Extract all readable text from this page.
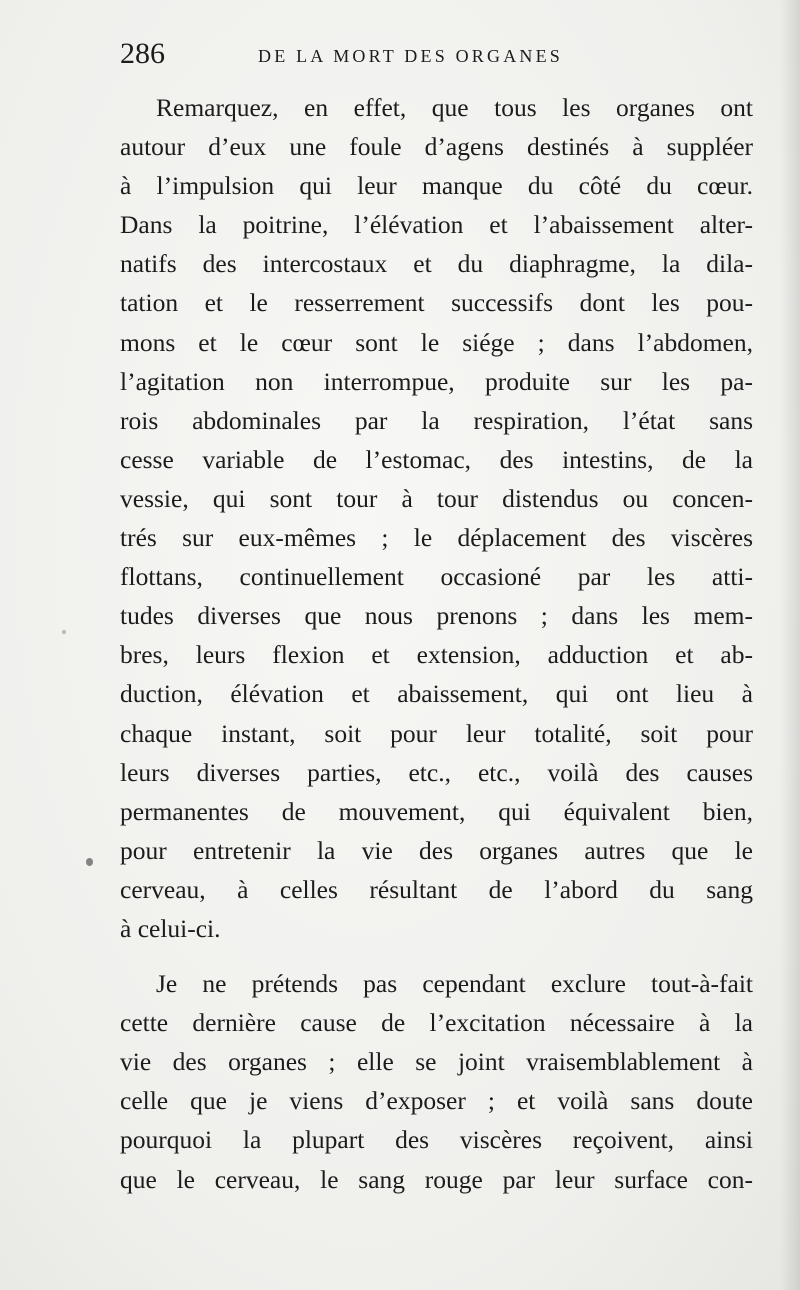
286	DE LA MORT DES ORGANES
Remarquez, en effet, que tous les organes ont
autour d’eux une foule d’agens destinés à suppléer
à l’impulsion qui leur manque du côté du cœur.
Dans la poitrine, l’élévation et l’abaissement alter-
natifs des intercostaux et du diaphragme, la dila-
tation et le resserrement successifs dont les pou-
mons et le cœur sont le siége ; dans l’abdomen,
l’agitation non interrompue, produite sur les pa-
rois abdominales par la respiration, l’état sans
cesse variable de l’estomac, des intestins, de la
vessie, qui sont tour à tour distendus ou concen-
trés sur eux-mêmes ; le déplacement des viscères
flottans, continuellement occasioné par les atti-
tudes diverses que nous prenons ; dans les mem-
bres, leurs flexion et extension, adduction et ab-
duction, élévation et abaissement, qui ont lieu à
chaque instant, soit pour leur totalité, soit pour
leurs diverses parties, etc., etc., voilà des causes
permanentes de mouvement, qui équivalent bien,
pour entretenir la vie des organes autres que le
cerveau, à celles résultant de l’abord du sang
à celui-ci.
Je ne prétends pas cependant exclure tout-à-fait
cette dernière cause de l’excitation nécessaire à la
vie des organes ; elle se joint vraisemblablement à
celle que je viens d’exposer ; et voilà sans doute
pourquoi la plupart des viscères reçoivent, ainsi
que le cerveau, le sang rouge par leur surface con-
